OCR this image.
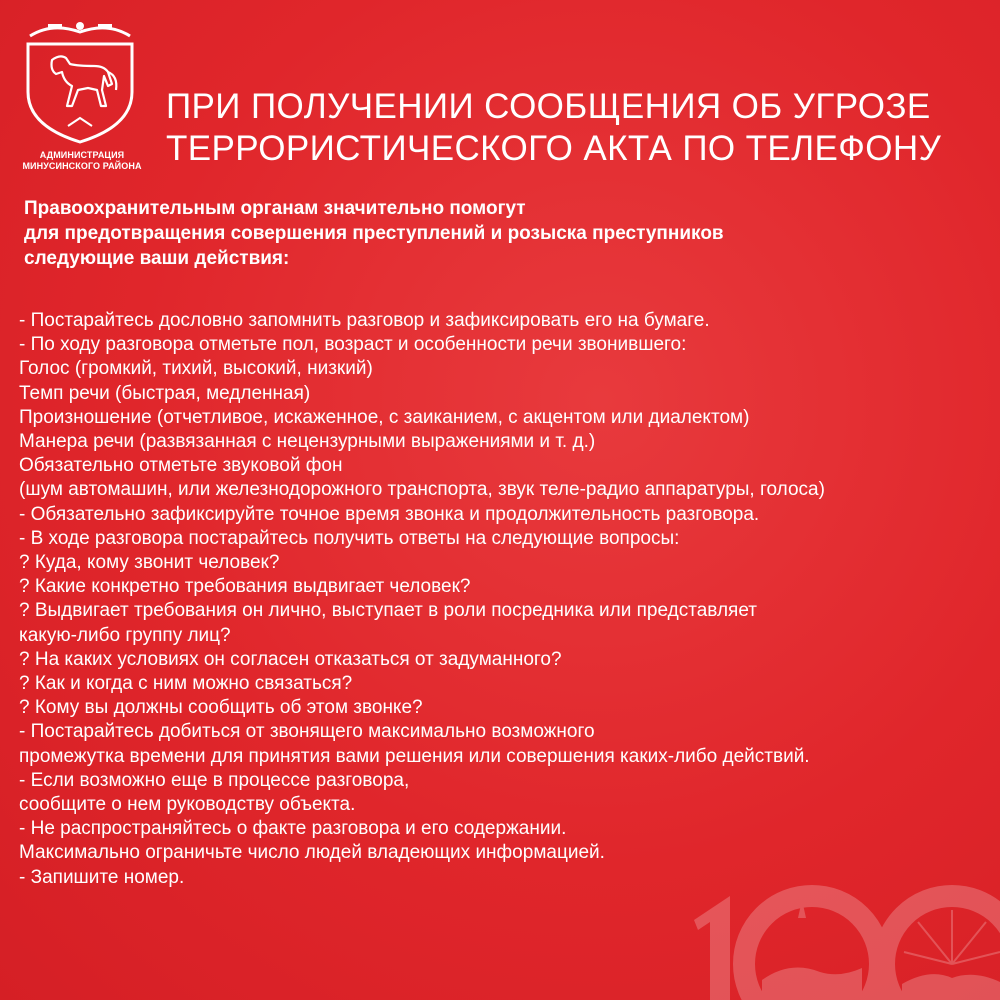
АДМИНИСТРАЦИЯ
МИНУСИНСКОГО РАЙОНА
ПРИ ПОЛУЧЕНИИ СООБЩЕНИЯ ОБ УГРОЗЕ
ТЕРРОРИСТИЧЕСКОГО АКТА ПО ТЕЛЕФОНУ
Правоохранительным органам значительно помогут
для предотвращения совершения преступлений и розыска преступников
следующие ваши действия:
- Постарайтесь дословно запомнить разговор и зафиксировать его на бумаге.
- По ходу разговора отметьте пол, возраст и особенности речи звонившего:
Голос (громкий, тихий, высокий, низкий)
Темп речи (быстрая, медленная)
Произношение (отчетливое, искаженное, с заиканием, с акцентом или диалектом)
Манера речи (развязанная с нецензурными выражениями и т. д.)
Обязательно отметьте звуковой фон
(шум автомашин, или железнодорожного транспорта, звук теле-радио аппаратуры, голоса)
- Обязательно зафиксируйте точное время звонка и продолжительность разговора.
- В ходе разговора постарайтесь получить ответы на следующие вопросы:
? Куда, кому звонит человек?
? Какие конкретно требования выдвигает человек?
? Выдвигает требования он лично, выступает в роли посредника или представляет
какую-либо группу лиц?
? На каких условиях он согласен отказаться от задуманного?
? Как и когда с ним можно связаться?
? Кому вы должны сообщить об этом звонке?
- Постарайтесь добиться от звонящего максимально возможного
промежутка времени для принятия вами решения или совершения каких-либо действий.
- Если возможно еще в процессе разговора,
сообщите о нем руководству объекта.
- Не распространяйтесь о факте разговора и его содержании.
Максимально ограничьте число людей владеющих информацией.
- Запишите номер.
